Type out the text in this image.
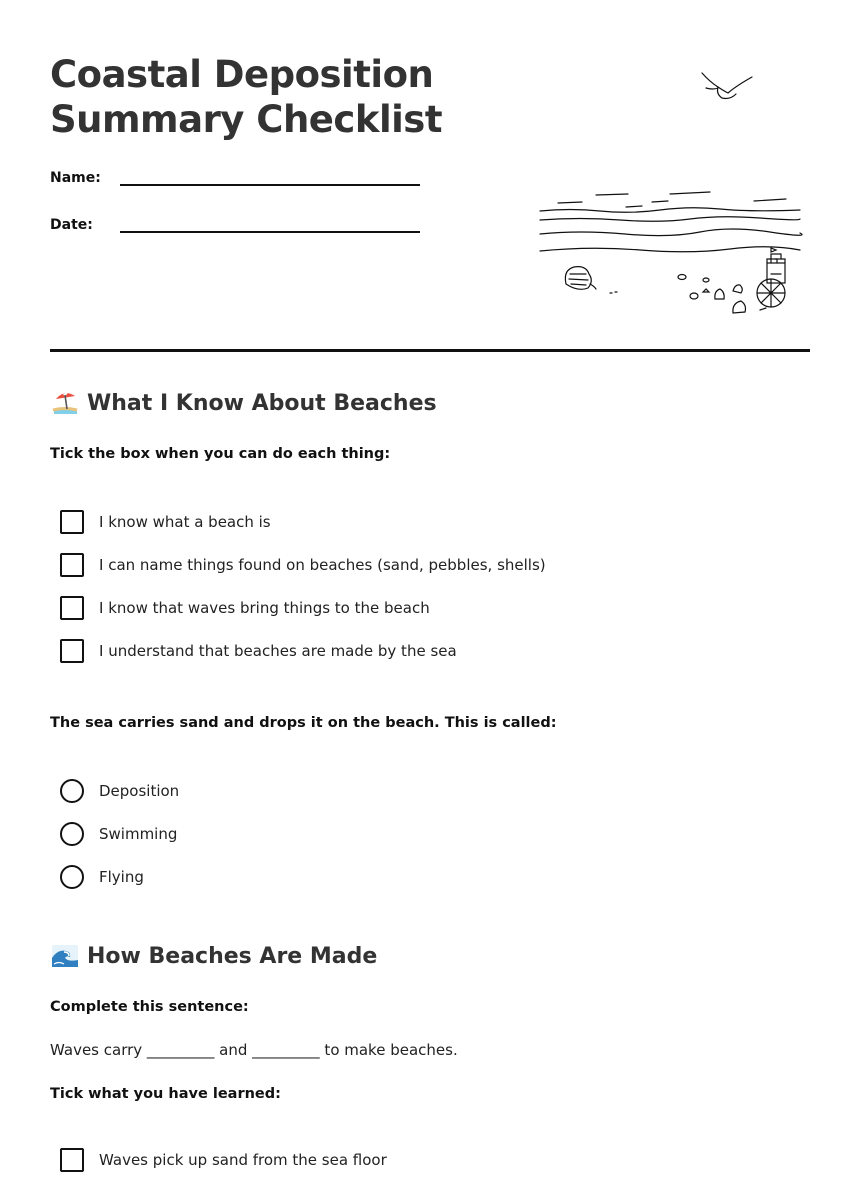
Coastal Deposition
Summary Checklist
Name:
Date:
What I Know About Beaches

Tick the box when you can do each thing:

I know what a beach is
I can name things found on beaches (sand, pebbles, shells)
I know that waves bring things to the beach
I understand that beaches are made by the sea

The sea carries sand and drops it on the beach. This is called:

Deposition
Swimming
Flying
How Beaches Are Made

Complete this sentence:

Waves carry _________ and _________ to make beaches.

Tick what you have learned:

Waves pick up sand from the sea floor
